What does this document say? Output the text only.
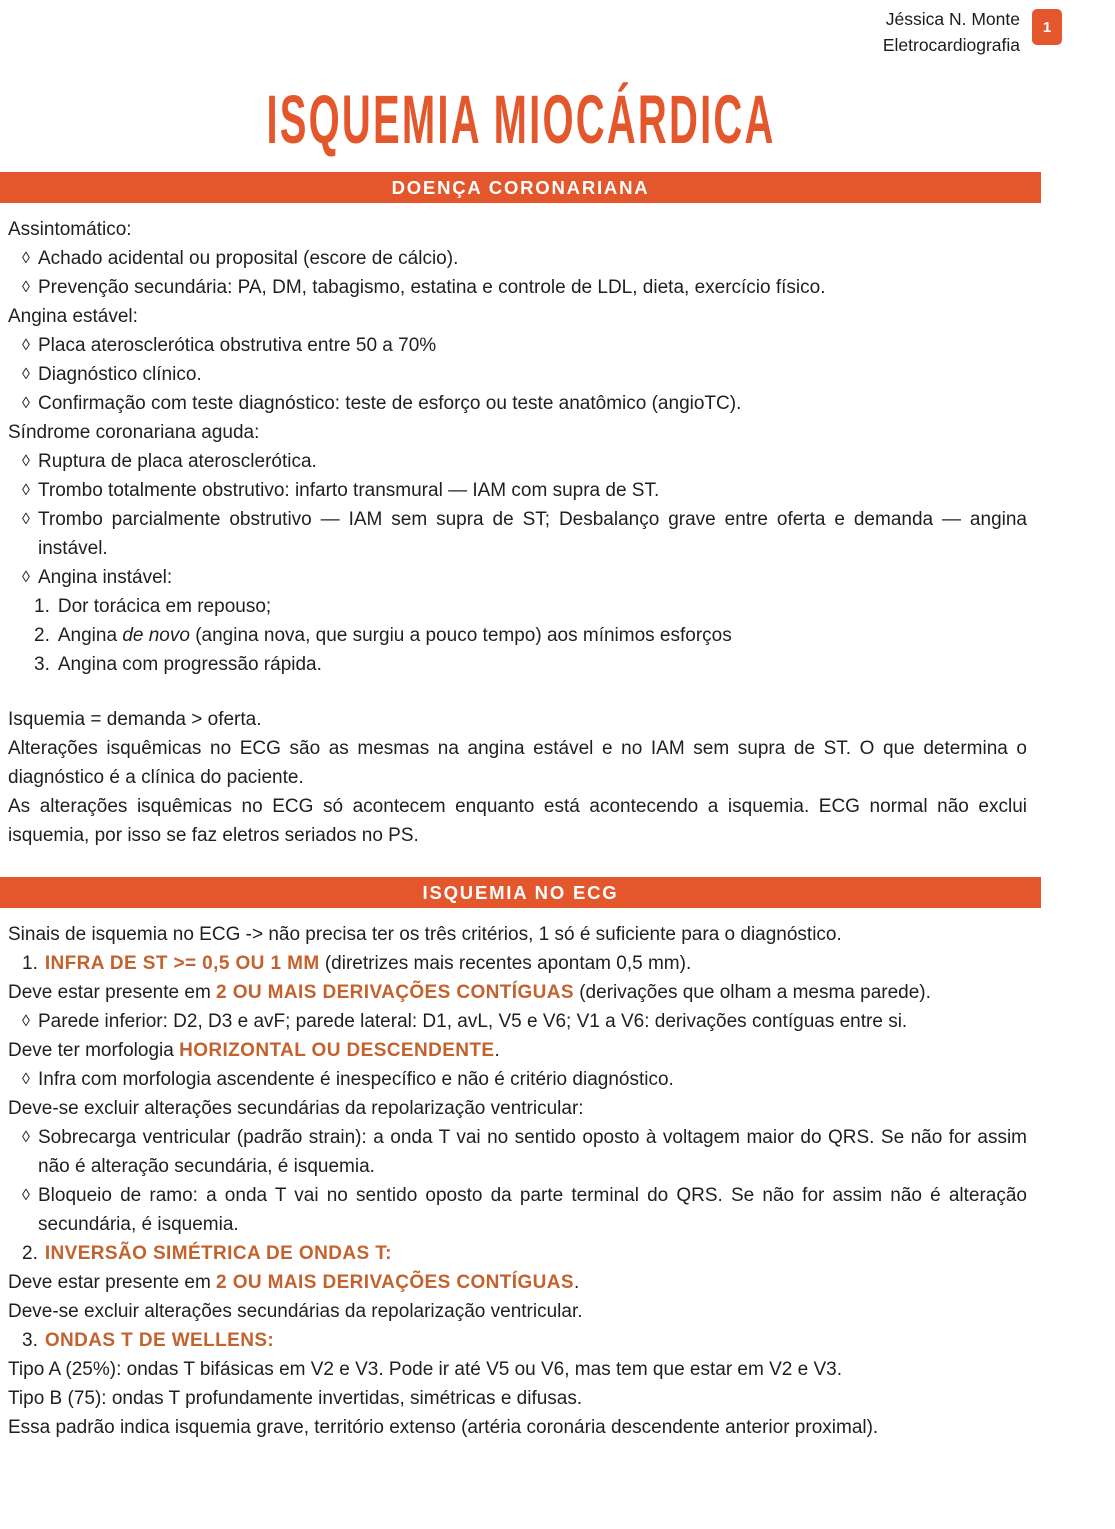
Jéssica N. Monte
Eletrocardiografia
1
ISQUEMIA MIOCÁRDICA
DOENÇA CORONARIANA

Assintomático:

◊ Achado acidental ou proposital (escore de cálcio).

◊ Prevenção secundária: PA, DM, tabagismo, estatina e controle de LDL, dieta, exercício físico.

Angina estável:

◊ Placa aterosclerótica obstrutiva entre 50 a 70%

◊ Diagnóstico clínico.

◊ Confirmação com teste diagnóstico: teste de esforço ou teste anatômico (angioTC).

Síndrome coronariana aguda:

◊ Ruptura de placa aterosclerótica.

◊ Trombo totalmente obstrutivo: infarto transmural — IAM com supra de ST.

◊ Trombo parcialmente obstrutivo — IAM sem supra de ST; Desbalanço grave entre oferta e demanda — angina instável.

◊ Angina instável:

1. Dor torácica em repouso;

2. Angina de novo (angina nova, que surgiu a pouco tempo) aos mínimos esforços

3. Angina com progressão rápida.

Isquemia = demanda > oferta.

Alterações isquêmicas no ECG são as mesmas na angina estável e no IAM sem supra de ST. O que determina o diagnóstico é a clínica do paciente.

As alterações isquêmicas no ECG só acontecem enquanto está acontecendo a isquemia. ECG normal não exclui isquemia, por isso se faz eletros seriados no PS.

ISQUEMIA NO ECG

Sinais de isquemia no ECG -> não precisa ter os três critérios, 1 só é suficiente para o diagnóstico.

1. INFRA DE ST >= 0,5 OU 1 MM (diretrizes mais recentes apontam 0,5 mm).

Deve estar presente em 2 OU MAIS DERIVAÇÕES CONTÍGUAS (derivações que olham a mesma parede).

◊ Parede inferior: D2, D3 e avF; parede lateral: D1, avL, V5 e V6; V1 a V6: derivações contíguas entre si.

Deve ter morfologia HORIZONTAL OU DESCENDENTE.

◊ Infra com morfologia ascendente é inespecífico e não é critério diagnóstico.

Deve-se excluir alterações secundárias da repolarização ventricular:

◊ Sobrecarga ventricular (padrão strain): a onda T vai no sentido oposto à voltagem maior do QRS. Se não for assim não é alteração secundária, é isquemia.

◊ Bloqueio de ramo: a onda T vai no sentido oposto da parte terminal do QRS. Se não for assim não é alteração secundária, é isquemia.

2. INVERSÃO SIMÉTRICA DE ONDAS T:

Deve estar presente em 2 OU MAIS DERIVAÇÕES CONTÍGUAS.

Deve-se excluir alterações secundárias da repolarização ventricular.

3. ONDAS T DE WELLENS:

Tipo A (25%): ondas T bifásicas em V2 e V3. Pode ir até V5 ou V6, mas tem que estar em V2 e V3.

Tipo B (75): ondas T profundamente invertidas, simétricas e difusas.

Essa padrão indica isquemia grave, território extenso (artéria coronária descendente anterior proximal).
